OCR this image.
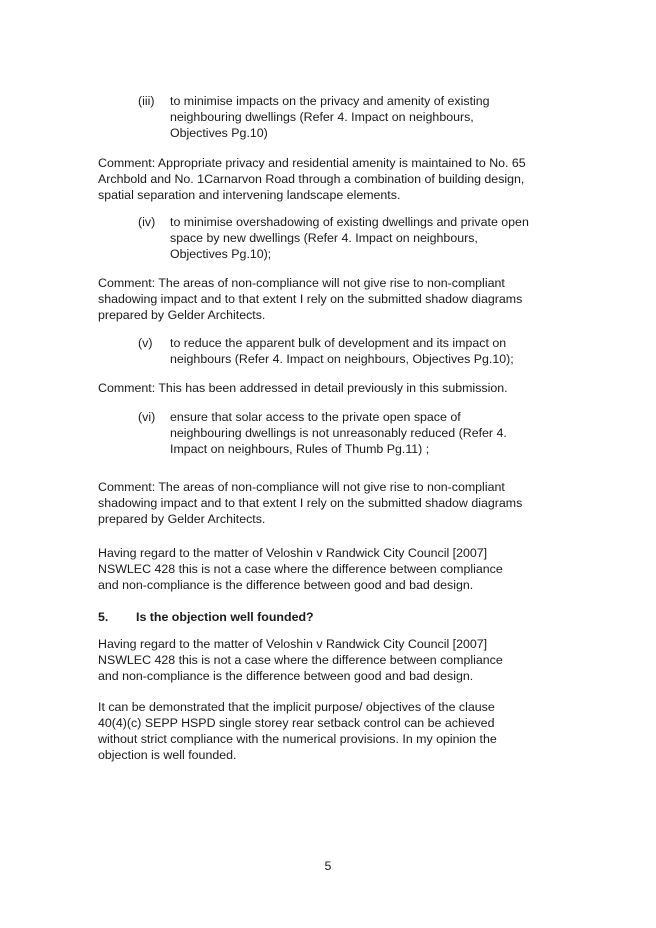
(iii)	to minimise impacts on the privacy and amenity of existing
neighbouring dwellings (Refer 4. Impact on neighbours,
Objectives Pg.10)
Comment: Appropriate privacy and residential amenity is maintained to No. 65
Archbold and No. 1Carnarvon Road through a combination of building design,
spatial separation and intervening landscape elements.
(iv)	to minimise overshadowing of existing dwellings and private open
space by new dwellings (Refer 4. Impact on neighbours,
Objectives Pg.10);
Comment: The areas of non-compliance will not give rise to non-compliant
shadowing impact and to that extent I rely on the submitted shadow diagrams
prepared by Gelder Architects.
(v)	to reduce the apparent bulk of development and its impact on
neighbours (Refer 4. Impact on neighbours, Objectives Pg.10);
Comment: This has been addressed in detail previously in this submission.
(vi)	ensure that solar access to the private open space of
neighbouring dwellings is not unreasonably reduced (Refer 4.
Impact on neighbours, Rules of Thumb Pg.11) ;
Comment: The areas of non-compliance will not give rise to non-compliant
shadowing impact and to that extent I rely on the submitted shadow diagrams
prepared by Gelder Architects.
Having regard to the matter of Veloshin v Randwick City Council [2007]
NSWLEC 428 this is not a case where the difference between compliance
and non-compliance is the difference between good and bad design.
5. Is the objection well founded?
Having regard to the matter of Veloshin v Randwick City Council [2007]
NSWLEC 428 this is not a case where the difference between compliance
and non-compliance is the difference between good and bad design.
It can be demonstrated that the implicit purpose/ objectives of the clause
40(4)(c) SEPP HSPD single storey rear setback control can be achieved
without strict compliance with the numerical provisions. In my opinion the
objection is well founded.
5
